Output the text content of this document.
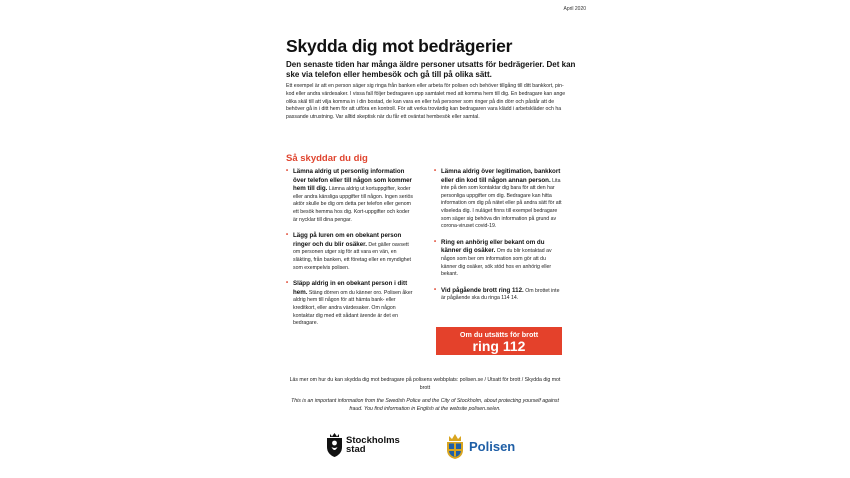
April 2020
Skydda dig mot bedrägerier
Den senaste tiden har många äldre personer utsatts för bedrägerier. Det kan ske via telefon eller hembesök och gå till på olika sätt.
Ett exempel är att en person säger sig ringa från banken eller arbeta för polisen och behöver tillgång till ditt bankkort, pin-kod eller andra värdesaker. I vissa fall följer bedragaren upp samtalet med att komma hem till dig. En bedragare kan ange olika skäl till att vilja komma in i din bostad, de kan vara en eller två personer som ringer på din dörr och påstår att de behöver gå in i ditt hem för att utföra en kontroll. För att verka trovärdig kan bedragaren vara klädd i arbetskläder och ha passande utrustning. Var alltid skeptisk när du får ett oväntat hembesök eller samtal.
Så skyddar du dig
• Lämna aldrig ut personlig information över telefon eller till någon som kommer hem till dig. Lämna aldrig ut kortuppgifter, koder eller andra känsliga uppgifter till någon. Ingen seriös aktör skulle be dig om detta per telefon eller genom ett besök hemma hos dig. Kort-uppgifter och koder är nycklar till dina pengar.
• Lägg på luren om en obekant person ringer och du blir osäker. Det gäller oavsett om personen utger sig för att vara en vän, en släkting, från banken, ett företag eller en myndighet som exempelvis polisen.
• Släpp aldrig in en obekant person i ditt hem. Stäng dörren om du känner oro. Polisen åker aldrig hem till någon för att hämta bank- eller kreditkort, eller andra värdesaker. Om någon kontaktar dig med ett sådant ärende är det en bedragare.
• Lämna aldrig över legitimation, bankkort eller din kod till någon annan person. Lita inte på den som kontaktar dig bara för att den har personliga uppgifter om dig. Bedragare kan hitta information om dig på nätet eller på andra sätt för att vilseleda dig. I nuläget finns till exempel bedragare som säger sig behöva din information på grund av corona-viruset covid-19.
• Ring en anhörig eller bekant om du känner dig osäker. Om du blir kontaktad av någon som ber om information som gör att du känner dig osäker, sök stöd hos en anhörig eller bekant.
• Vid pågående brott ring 112. Om brottet inte är pågående ska du ringa 114 14.
Om du utsätts för brott
ring 112
Läs mer om hur du kan skydda dig mot bedragare på polisens webbplats: polisen.se / Utsatt för brott / Skydda dig mot brott
This is an important information from the Swedish Police and the City of Stockholm, about protecting yourself against fraud. You find information in English at the website polisen.se/en.
Stockholms
stad	Polisen
